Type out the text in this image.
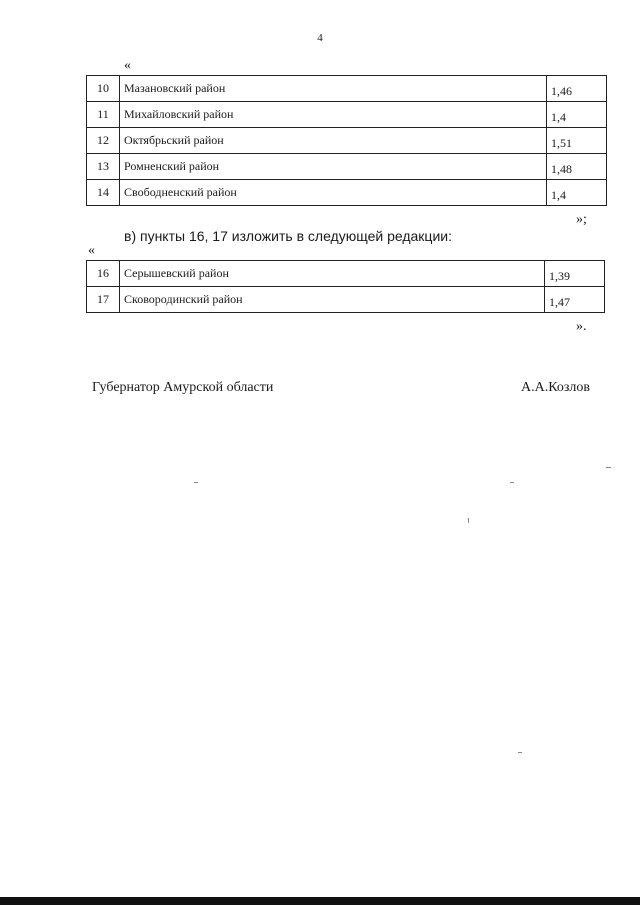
4
«
10	Мазановский район	1,46
11	Михайловский район	1,4
12	Октябрьский район	1,51
13	Ромненский район	1,48
14	Свободненский район	1,4
»;
в) пункты 16, 17 изложить в следующей редакции:
«
16	Серышевский район	1,39
17	Сковородинский район	1,47
».
Губернатор Амурской области	А.А.Козлов
